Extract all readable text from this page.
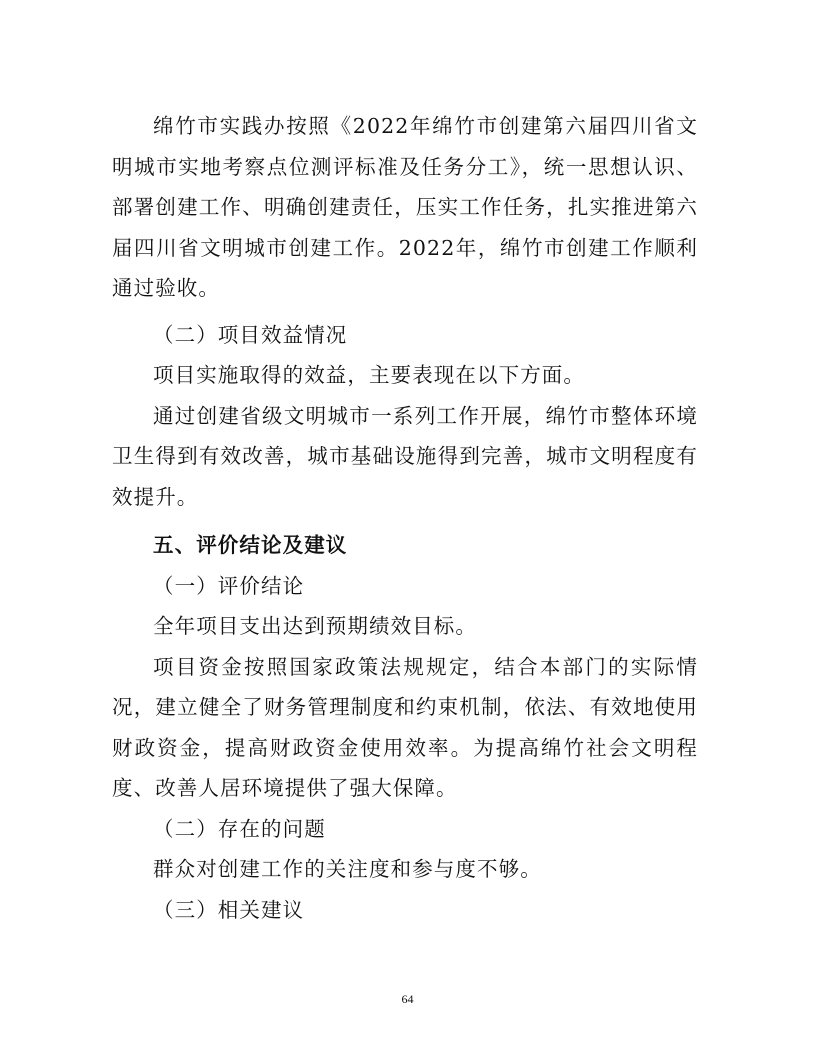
绵竹市实践办按照《2022年绵竹市创建第六届四川省文明城市实地考察点位测评标准及任务分工》，统一思想认识、部署创建工作、明确创建责任，压实工作任务，扎实推进第六届四川省文明城市创建工作。2022年，绵竹市创建工作顺利通过验收。

（二）项目效益情况

项目实施取得的效益，主要表现在以下方面。

通过创建省级文明城市一系列工作开展，绵竹市整体环境卫生得到有效改善，城市基础设施得到完善，城市文明程度有效提升。

五、评价结论及建议

（一）评价结论

全年项目支出达到预期绩效目标。

项目资金按照国家政策法规规定，结合本部门的实际情况，建立健全了财务管理制度和约束机制，依法、有效地使用财政资金，提高财政资金使用效率。为提高绵竹社会文明程度、改善人居环境提供了强大保障。

（二）存在的问题

群众对创建工作的关注度和参与度不够。

（三）相关建议

64
